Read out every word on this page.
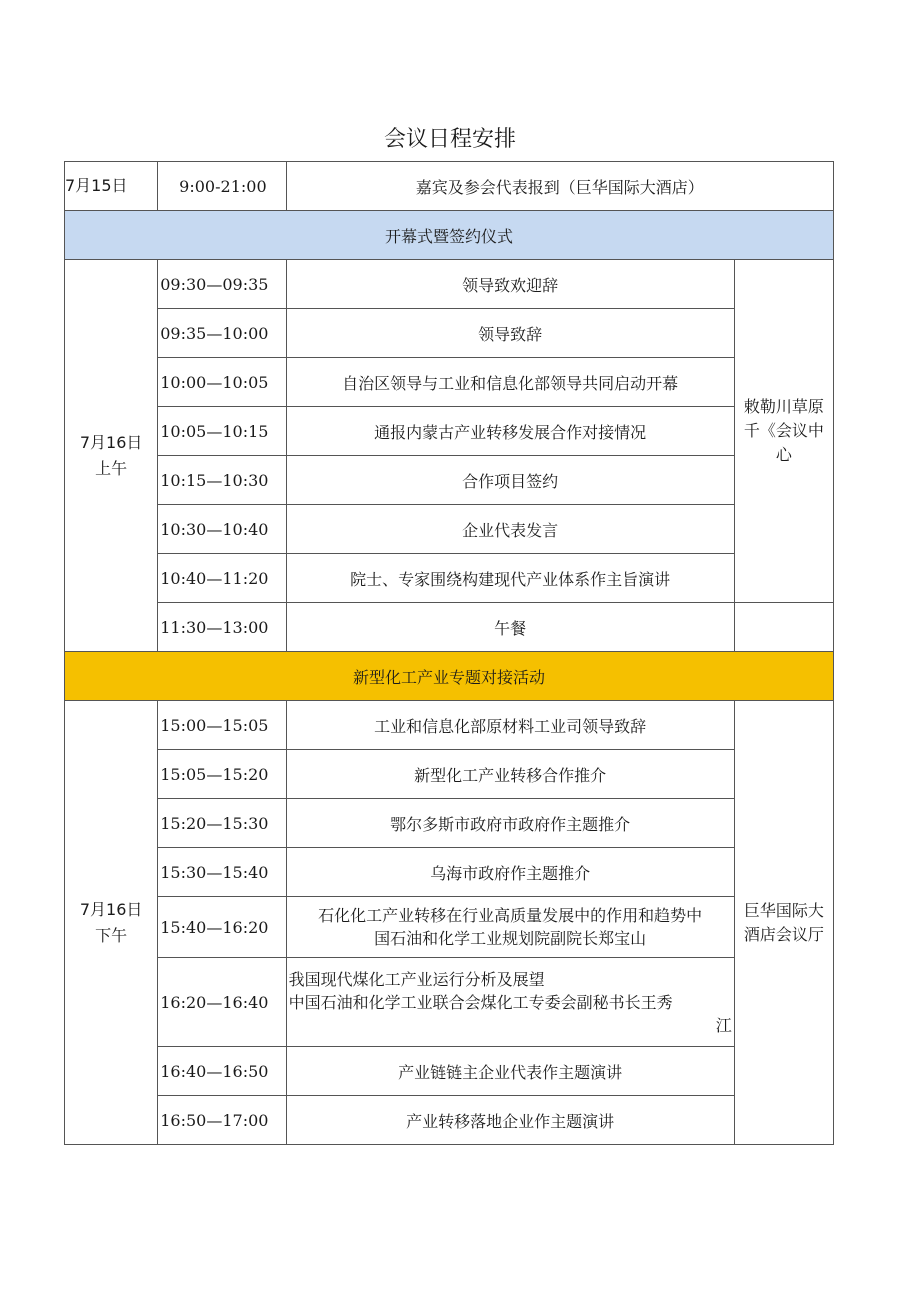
会议日程安排
7月15日	9:00-21:00	嘉宾及参会代表报到（巨华国际大酒店）	
开幕式暨签约仪式			

7月16日
上午	09:30—09:35	领导致欢迎辞	敕勒川草原
千《会议中
心

	09:35—10:00	领导致辞	
	10:00—10:05	自治区领导与工业和信息化部领导共同启动开幕	
	10:05—10:15	通报内蒙古产业转移发展合作对接情况	
	10:15—10:30	合作项目签约	
	10:30—10:40	企业代表发言	
	10:40—11:20	院士、专家围绕构建现代产业体系作主旨演讲	
	11:30—13:00	午餐	
新型化工产业专题对接活动			

7月16日
下午	15:00—15:05	工业和信息化部原材料工业司领导致辞	巨华国际大
酒店会议厅

	15:05—15:20	新型化工产业转移合作推介	
	15:20—15:30	鄂尔多斯市政府市政府作主题推介	
	15:30—15:40	乌海市政府作主题推介	
	15:40—16:20	石化化工产业转移在行业高质量发展中的作用和趋势中
国石油和化学工业规划院副院长郑宝山	

	16:20—16:40	我国现代煤化工产业运行分析及展望
中国石油和化学工业联合会煤化工专委会副秘书长王秀
江	

	16:40—16:50	产业链链主企业代表作主题演讲	
	16:50—17:00	产业转移落地企业作主题演讲	
